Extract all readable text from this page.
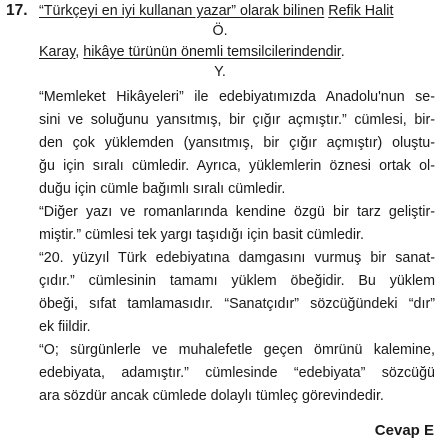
17. “Türkçeyi en iyi kullanan yazar” olarak bilinen Refik Halit
Ö.
Karay, hikâye türünün önemli temsilcilerindendir.
Y.
“Memleket Hikâyeleri” ile edebiyatımızda Anadolu'nun se-
sini ve soluğunu yansıtmış, bir çığır açmıştır.” cümlesi, bir-
den çok yüklemden (yansıtmış, bir çığır açmıştır) oluştu-
ğu için sıralı cümledir. Ayrıca, yüklemlerin öznesi ortak ol-
duğu için cümle bağımlı sıralı cümledir.
“Diğer yazı ve romanlarında kendine özgü bir tarz geliştir-
miştir.” cümlesi tek yargı taşıdığı için basit cümledir.
“20. yüzyıl Türk edebiyatına damgasını vurmuş bir sanat-
çıdır.” cümlesinin tamamı yüklem öbeğidir. Bu yüklem
öbeği, sıfat tamlamasıdır. “Sanatçıdır” sözcüğündeki “dır”
ek fiildir.
“O; sürgünlerle ve muhalefetle geçen ömrünü kalemine,
edebiyata, adamıştır.” cümlesinde “edebiyata” sözcüğü
ara sözdür ancak cümlede dolaylı tümleç görevindedir.
Cevap E
